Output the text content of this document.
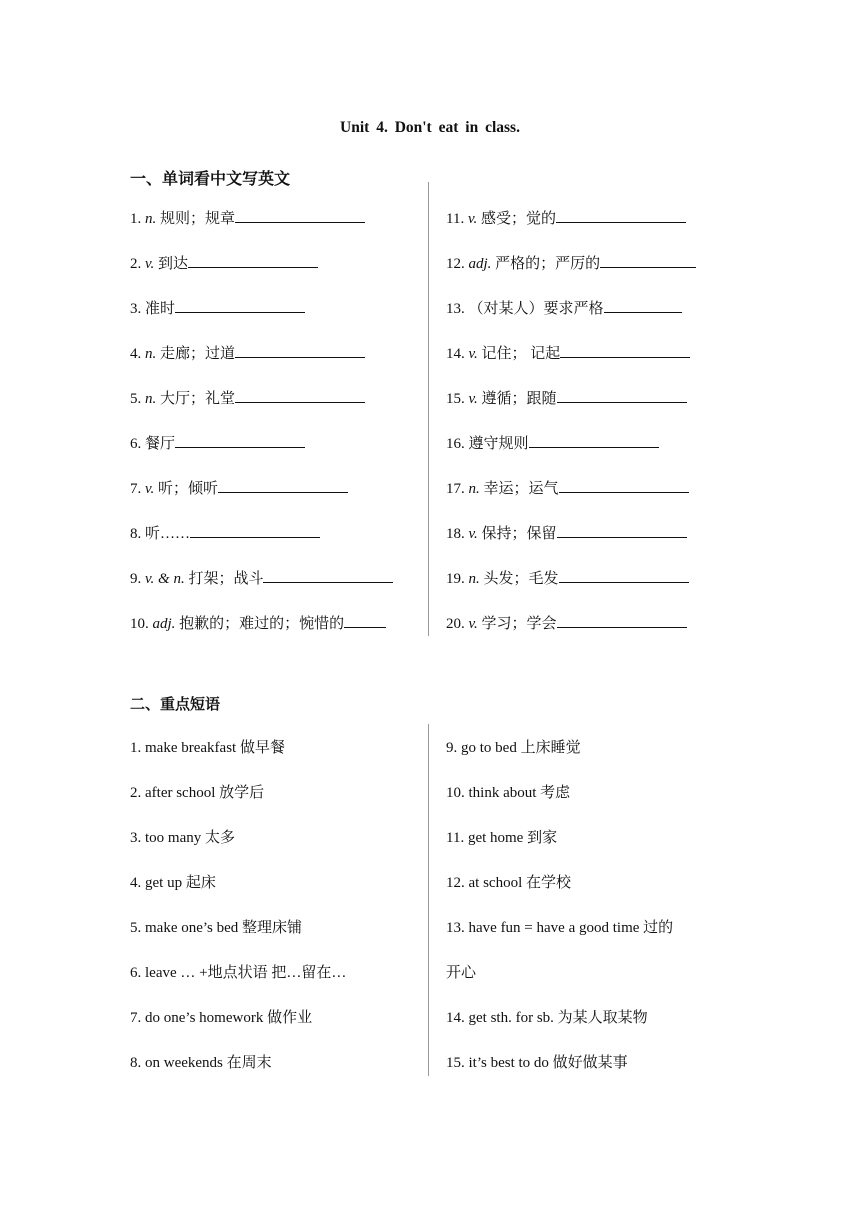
Unit 4. Don't eat in class.
一、单词看中文写英文
1. n. 规则；规章
2. v. 到达
3. 准时
4. n. 走廊；过道
5. n. 大厅；礼堂
6. 餐厅
7. v. 听；倾听
8. 听……
9. v. & n. 打架；战斗
10. adj. 抱歉的；难过的；惋惜的
11. v. 感受；觉的
12. adj. 严格的；严厉的
13. （对某人）要求严格
14. v. 记住； 记起
15. v. 遵循；跟随
16. 遵守规则
17. n. 幸运；运气
18. v. 保持；保留
19. n. 头发；毛发
20. v. 学习；学会
二、重点短语
1. make breakfast 做早餐
2. after school 放学后
3. too many 太多
4. get up 起床
5. make one’s bed 整理床铺
6. leave … +地点状语 把…留在…
7. do one’s homework 做作业
8. on weekends 在周末
9. go to bed 上床睡觉
10. think about 考虑
11. get home 到家
12. at school 在学校
13. have fun = have a good time 过的
开心
14. get sth. for sb. 为某人取某物
15. it’s best to do 做好做某事
